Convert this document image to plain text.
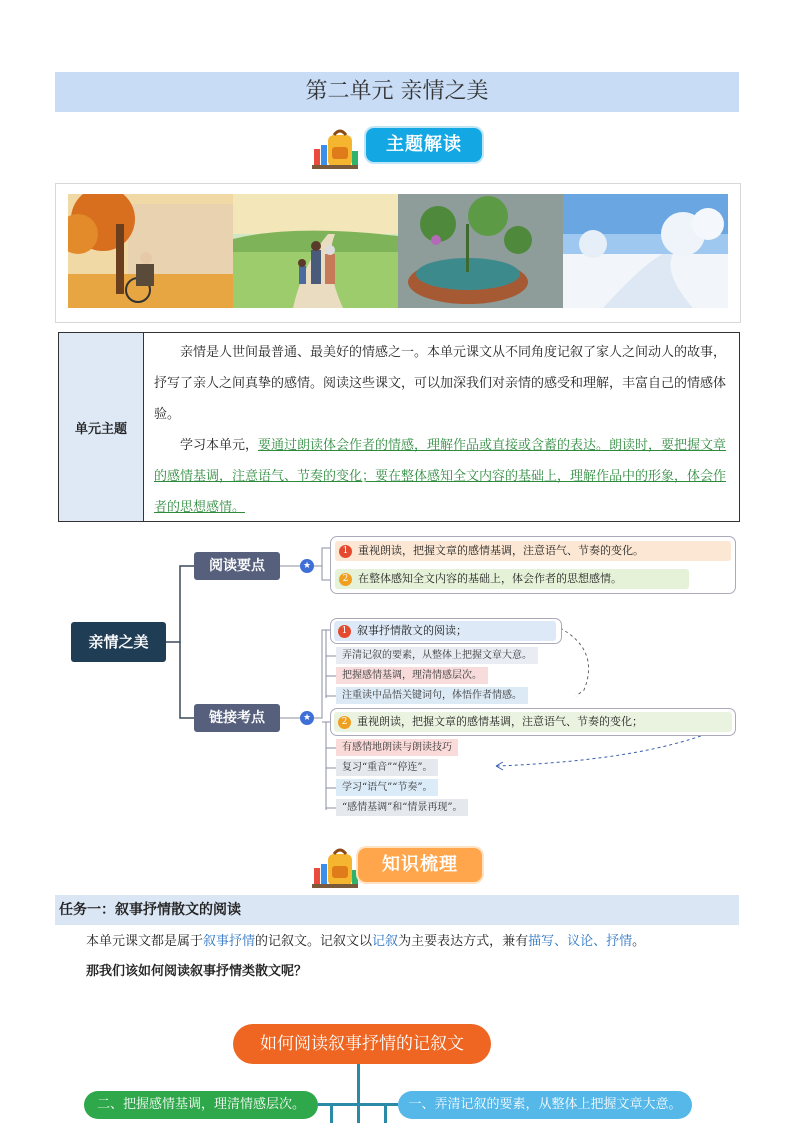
第二单元 亲情之美
主题解读
单元主题

亲情是人世间最普通、最美好的情感之一。本单元课文从不同角度记叙了家人之间动人的故事，抒写了亲人之间真挚的感情。阅读这些课文，可以加深我们对亲情的感受和理解，丰富自己的情感体验。

学习本单元，要通过朗读体会作者的情感，理解作品或直接或含蓄的表达。朗读时，要把握文章的感情基调，注意语气、节奏的变化；要在整体感知全文内容的基础上，理解作品中的形象，体会作者的思想感情。

亲情之美
阅读要点	★
链接考点	★
1 重视朗读，把握文章的感情基调，注意语气、节奏的变化。
2 在整体感知全文内容的基础上，体会作者的思想感情。
1 叙事抒情散文的阅读；
弄清记叙的要素，从整体上把握文章大意。
把握感情基调，理清情感层次。
注重读中品悟关键词句，体悟作者情感。
2 重视朗读，把握文章的感情基调，注意语气、节奏的变化；
有感情地朗读与朗读技巧
复习“重音”“停连”。
学习“语气”“节奏”。
“感情基调”和“情景再现”。
知识梳理
任务一：叙事抒情散文的阅读
本单元课文都是属于叙事抒情的记叙文。记叙文以记叙为主要表达方式，兼有描写、议论、抒情。
那我们该如何阅读叙事抒情类散文呢？
如何阅读叙事抒情的记叙文
二、把握感情基调，理清情感层次。	一、弄清记叙的要素，从整体上把握文章大意。
